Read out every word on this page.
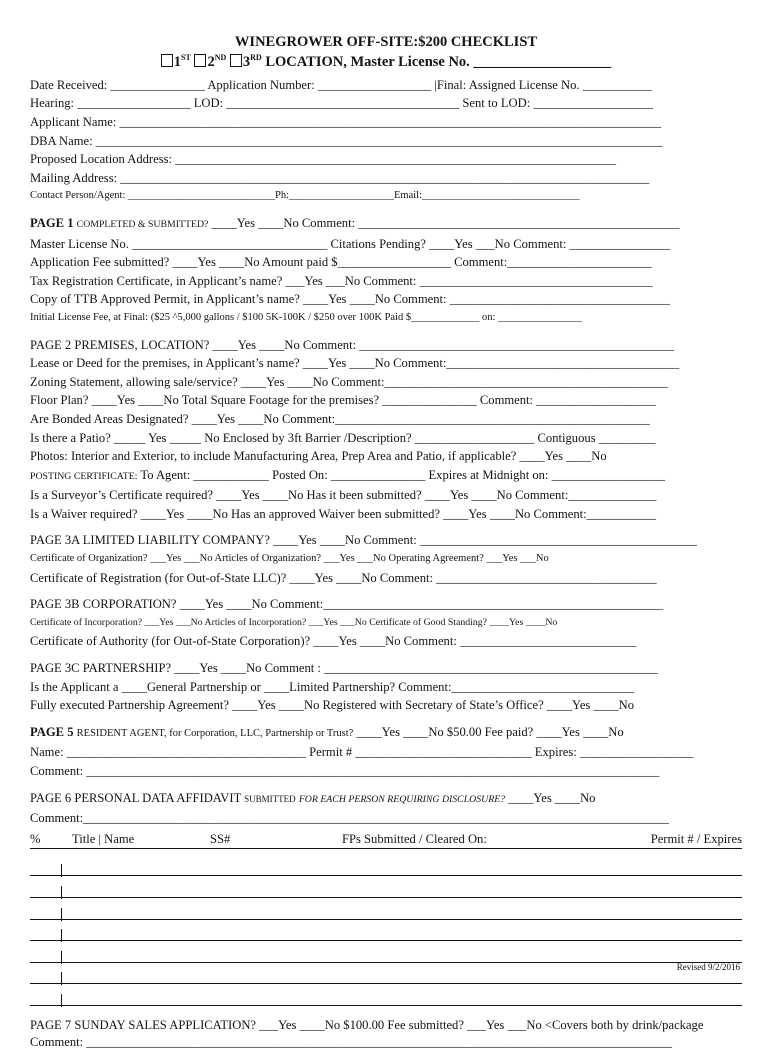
WINEGROWER OFF-SITE:$200 CHECKLIST
1ST 2ND 3RD LOCATION, Master License No. ___________________
Date Received: _______________ Application Number: __________________ |Final: Assigned License No. ___________
Hearing: __________________ LOD: _____________________________________ Sent to LOD: ___________________
Applicant Name: ______________________________________________________________________________________
DBA Name: __________________________________________________________________________________________
Proposed Location Address: ______________________________________________________________________
Mailing Address: ____________________________________________________________________________________
Contact Person/Agent: ____________________________Ph:____________________Email:______________________________
PAGE 1 COMPLETED & SUBMITTED? ____Yes ____No Comment: ___________________________________________________
Master License No. _______________________________ Citations Pending? ____Yes ___No Comment: ________________
Application Fee submitted? ____Yes ____No Amount paid $__________________ Comment:_______________________
Tax Registration Certificate, in Applicant’s name? ___Yes ___No Comment: _____________________________________
Copy of TTB Approved Permit, in Applicant’s name? ____Yes ____No Comment: ___________________________________
Initial License Fee, at Final: ($25 ^5,000 gallons / $100 5K-100K / $250 over 100K Paid $_____________ on: ________________
PAGE 2 PREMISES, LOCATION? ____Yes ____No Comment: __________________________________________________
Lease or Deed for the premises, in Applicant’s name? ____Yes ____No Comment:_____________________________________
Zoning Statement, allowing sale/service? ____Yes ____No Comment:_____________________________________________
Floor Plan? ____Yes ____No Total Square Footage for the premises? _______________ Comment: ___________________
Are Bonded Areas Designated? ____Yes ____No Comment:__________________________________________________
Is there a Patio? _____ Yes _____ No Enclosed by 3ft Barrier /Description? ___________________ Contiguous _________
Photos: Interior and Exterior, to include Manufacturing Area, Prep Area and Patio, if applicable? ____Yes ____No
POSTING CERTIFICATE: To Agent: ____________ Posted On: _______________ Expires at Midnight on: __________________
Is a Surveyor’s Certificate required? ____Yes ____No Has it been submitted? ____Yes ____No Comment:______________
Is a Waiver required? ____Yes ____No Has an approved Waiver been submitted? ____Yes ____No Comment:___________
PAGE 3A LIMITED LIABILITY COMPANY? ____Yes ____No Comment: ____________________________________________
Certificate of Organization? ___Yes ___No Articles of Organization? ___Yes ___No Operating Agreement? ___Yes ___No
Certificate of Registration (for Out-of-State LLC)? ____Yes ____No Comment: ___________________________________
PAGE 3B CORPORATION? ____Yes ____No Comment:______________________________________________________
Certificate of Incorporation? ___Yes ___No Articles of Incorporation? ___Yes ___No Certificate of Good Standing? ____Yes ____No
Certificate of Authority (for Out-of-State Corporation)? ____Yes ____No Comment: ____________________________
PAGE 3C PARTNERSHIP? ____Yes ____No Comment : _____________________________________________________
Is the Applicant a ____General Partnership or ____Limited Partnership? Comment:_____________________________
Fully executed Partnership Agreement? ____Yes ____No Registered with Secretary of State’s Office? ____Yes ____No
PAGE 5 RESIDENT AGENT, for Corporation, LLC, Partnership or Trust? ____Yes ____No $50.00 Fee paid? ____Yes ____No
Name: ______________________________________ Permit # ____________________________ Expires: __________________
Comment: ___________________________________________________________________________________________
PAGE 6 PERSONAL DATA AFFIDAVIT submitted FOR EACH PERSON REQUIRING DISCLOSURE? ____Yes ____No
Comment:_____________________________________________________________________________________________
%	Title | Name	SS#	FPs Submitted / Cleared On:	Permit # / Expires
PAGE 7 SUNDAY SALES APPLICATION? ___Yes ____No $100.00 Fee submitted? ___Yes ___No <Covers both by drink/package
Comment: _____________________________________________________________________________________________
Revised 9/2/2016
